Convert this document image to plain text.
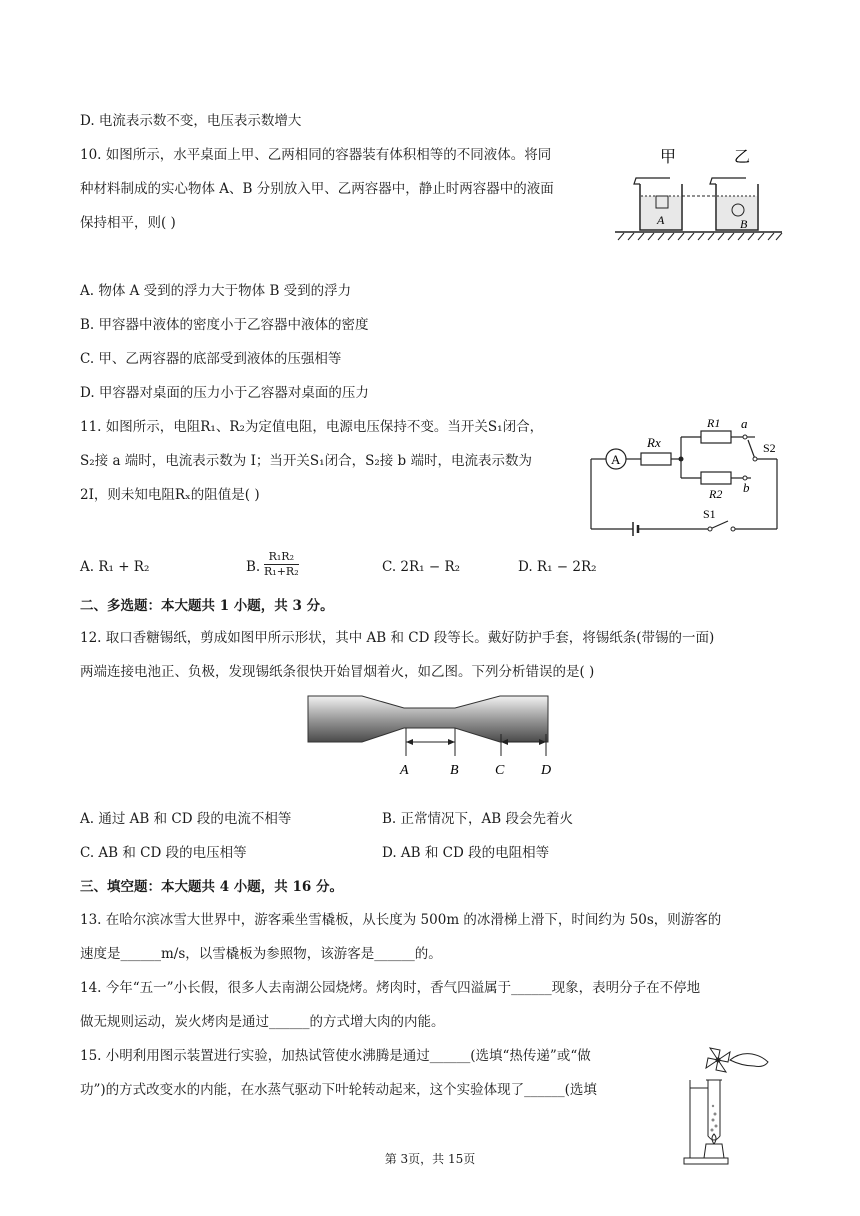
D. 电流表示数不变，电压表示数增大
10. 如图所示，水平桌面上甲、乙两相同的容器装有体积相等的不同液体。将同
种材料制成的实心物体 A、B 分别放入甲、乙两容器中，静止时两容器中的液面
保持相平，则( )
甲	乙
A	B
A. 物体 A 受到的浮力大于物体 B 受到的浮力
B. 甲容器中液体的密度小于乙容器中液体的密度
C. 甲、乙两容器的底部受到液体的压强相等
D. 甲容器对桌面的压力小于乙容器对桌面的压力
11. 如图所示，电阻R₁、R₂为定值电阻，电源电压保持不变。当开关S₁闭合，
S₂接 a 端时，电流表示数为 I；当开关S₁闭合，S₂接 b 端时，电流表示数为
2I，则未知电阻Rₓ的阻值是( )
A
Rx
R1
R2
a
b
S2
S1
A. R₁ + R₂	B. $\frac{\text{R₁R₂}}{\text{R₁+R₂}}$	C. 2R₁ − R₂	D. R₁ − 2R₂
二、多选题：本大题共 1 小题，共 3 分。
12. 取口香糖锡纸，剪成如图甲所示形状，其中 AB 和 CD 段等长。戴好防护手套，将锡纸条(带锡的一面)
两端连接电池正、负极，发现锡纸条很快开始冒烟着火，如乙图。下列分析错误的是( )
A	B	C	D
A. 通过 AB 和 CD 段的电流不相等	B. 正常情况下，AB 段会先着火
C. AB 和 CD 段的电压相等	D. AB 和 CD 段的电阻相等
三、填空题：本大题共 4 小题，共 16 分。
13. 在哈尔滨冰雪大世界中，游客乘坐雪橇板，从长度为 500m 的冰滑梯上滑下，时间约为 50s，则游客的
速度是______m/s，以雪橇板为参照物，该游客是______的。
14. 今年“五一”小长假，很多人去南湖公园烧烤。烤肉时，香气四溢属于______现象，表明分子在不停地
做无规则运动，炭火烤肉是通过______的方式增大肉的内能。
15. 小明利用图示装置进行实验，加热试管使水沸腾是通过______(选填“热传递”或“做
功”)的方式改变水的内能，在水蒸气驱动下叶轮转动起来，这个实验体现了______(选填
第 3页，共 15页
